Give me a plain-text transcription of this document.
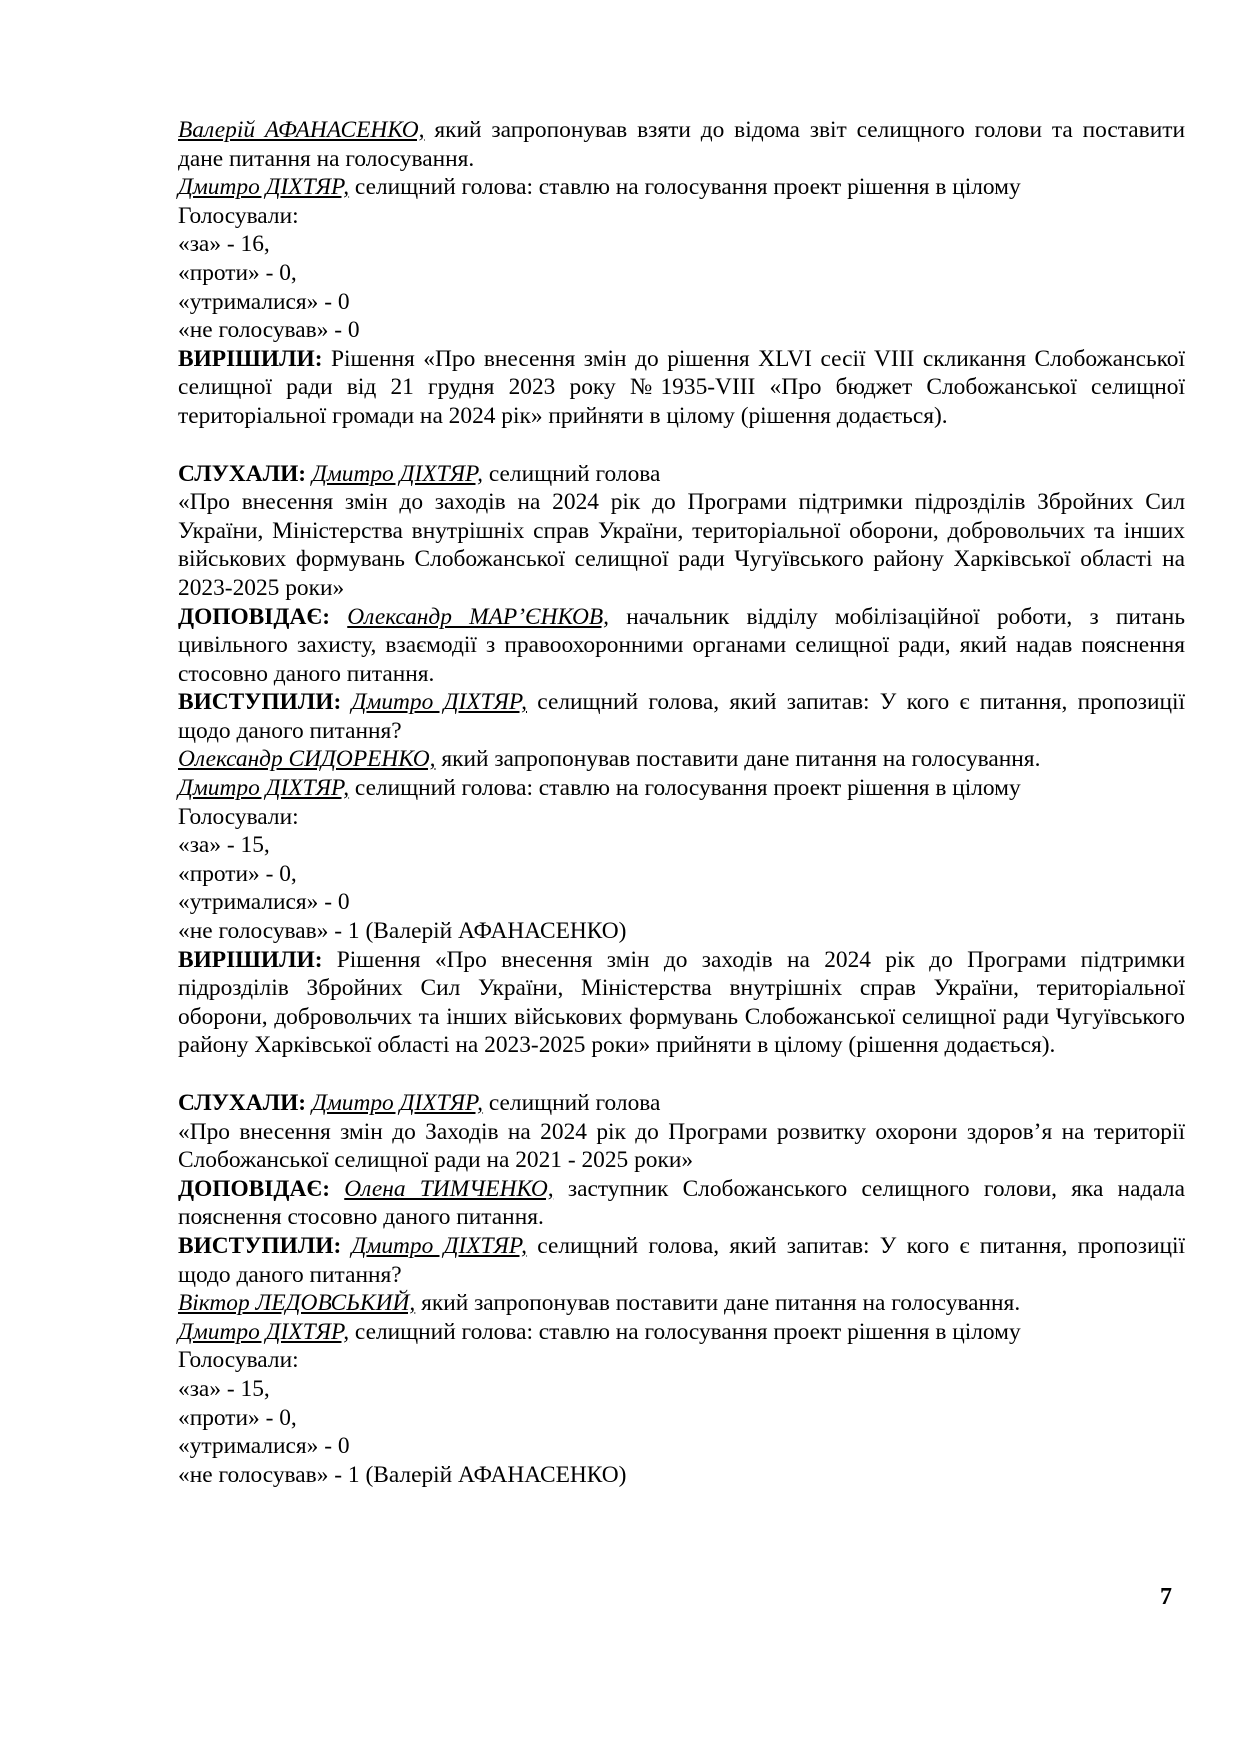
Валерій АФАНАСЕНКО, який запропонував взяти до відома звіт селищного голови та поставити дане питання на голосування.

Дмитро ДІХТЯР, селищний голова: ставлю на голосування проект рішення в цілому

Голосували:

«за» - 16,

«проти» - 0,

«утрималися» - 0

«не голосував» - 0

ВИРІШИЛИ: Рішення «Про внесення змін до рішення XLVI сесії VIII скликання Слобожанської селищної ради від 21 грудня 2023 року №1935-VIII «Про бюджет Слобожанської селищної територіальної громади на 2024 рік» прийняти в цілому (рішення додається).

СЛУХАЛИ: Дмитро ДІХТЯР, селищний голова

«Про внесення змін до заходів на 2024 рік до Програми підтримки підрозділів Збройних Сил України, Міністерства внутрішніх справ України, територіальної оборони, добровольчих та інших військових формувань Слобожанської селищної ради Чугуївського району Харківської області на 2023-2025 роки»

ДОПОВІДАЄ: Олександр МАР’ЄНКОВ, начальник відділу мобілізаційної роботи, з питань цивільного захисту, взаємодії з правоохоронними органами селищної ради, який надав пояснення стосовно даного питання.

ВИСТУПИЛИ: Дмитро ДІХТЯР, селищний голова, який запитав: У кого є питання, пропозиції щодо даного питання?

Олександр СИДОРЕНКО, який запропонував поставити дане питання на голосування.

Дмитро ДІХТЯР, селищний голова: ставлю на голосування проект рішення в цілому

Голосували:

«за» - 15,

«проти» - 0,

«утрималися» - 0

«не голосував» - 1 (Валерій АФАНАСЕНКО)

ВИРІШИЛИ: Рішення «Про внесення змін до заходів на 2024 рік до Програми підтримки підрозділів Збройних Сил України, Міністерства внутрішніх справ України, територіальної оборони, добровольчих та інших військових формувань Слобожанської селищної ради Чугуївського району Харківської області на 2023-2025 роки» прийняти в цілому (рішення додається).

СЛУХАЛИ: Дмитро ДІХТЯР, селищний голова

«Про внесення змін до Заходів на 2024 рік до Програми розвитку охорони здоров’я на території Слобожанської селищної ради на 2021 - 2025 роки»

ДОПОВІДАЄ: Олена ТИМЧЕНКО, заступник Слобожанського селищного голови, яка надала пояснення стосовно даного питання.

ВИСТУПИЛИ: Дмитро ДІХТЯР, селищний голова, який запитав: У кого є питання, пропозиції щодо даного питання?

Віктор ЛЕДОВСЬКИЙ, який запропонував поставити дане питання на голосування.

Дмитро ДІХТЯР, селищний голова: ставлю на голосування проект рішення в цілому

Голосували:

«за» - 15,

«проти» - 0,

«утрималися» - 0

«не голосував» - 1 (Валерій АФАНАСЕНКО)

7
